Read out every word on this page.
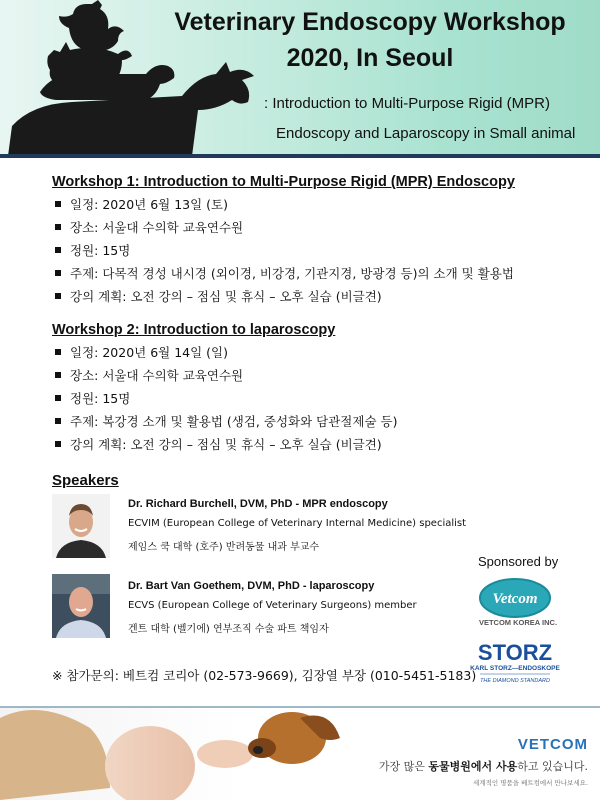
Veterinary Endoscopy Workshop
2020, In Seoul
: Introduction to Multi-Purpose Rigid (MPR)
Endoscopy and Laparoscopy in Small animal
Workshop 1: Introduction to Multi-Purpose Rigid (MPR) Endoscopy
일정: 2020년 6월 13일 (토)
장소: 서울대 수의학 교육연수원
정원: 15명
주제: 다목적 경성 내시경 (외이경, 비강경, 기관지경, 방광경 등)의 소개 및 활용법
강의 계획: 오전 강의 – 점심 및 휴식 – 오후 실습 (비글견)
Workshop 2: Introduction to laparoscopy
일정: 2020년 6월 14일 (일)
장소: 서울대 수의학 교육연수원
정원: 15명
주제: 복강경 소개 및 활용법 (생검, 중성화와 담관절제술 등)
강의 계획: 오전 강의 – 점심 및 휴식 – 오후 실습 (비글견)
Speakers
Dr. Richard Burchell, DVM, PhD - MPR endoscopy
ECVIM (European College of Veterinary Internal Medicine) specialist
제임스 쿡 대학 (호주) 반려동물 내과 부교수
Dr. Bart Van Goethem, DVM, PhD - laparoscopy
ECVS (European College of Veterinary Surgeons) member
겐트 대학 (벨기에) 연부조직 수술 파트 책임자
Sponsored by
Vetcom
VETCOM KOREA INC.
STORZ
KARL STORZ—ENDOSKOPE
THE DIAMOND STANDARD
※ 참가문의: 베트컴 코리아 (02-573-9669), 김장열 부장 (010-5451-5183)
VETCOM
가장 많은 동물병원에서 사용하고 있습니다.
세계적인 명품을 베트컴에서 만나보세요.
